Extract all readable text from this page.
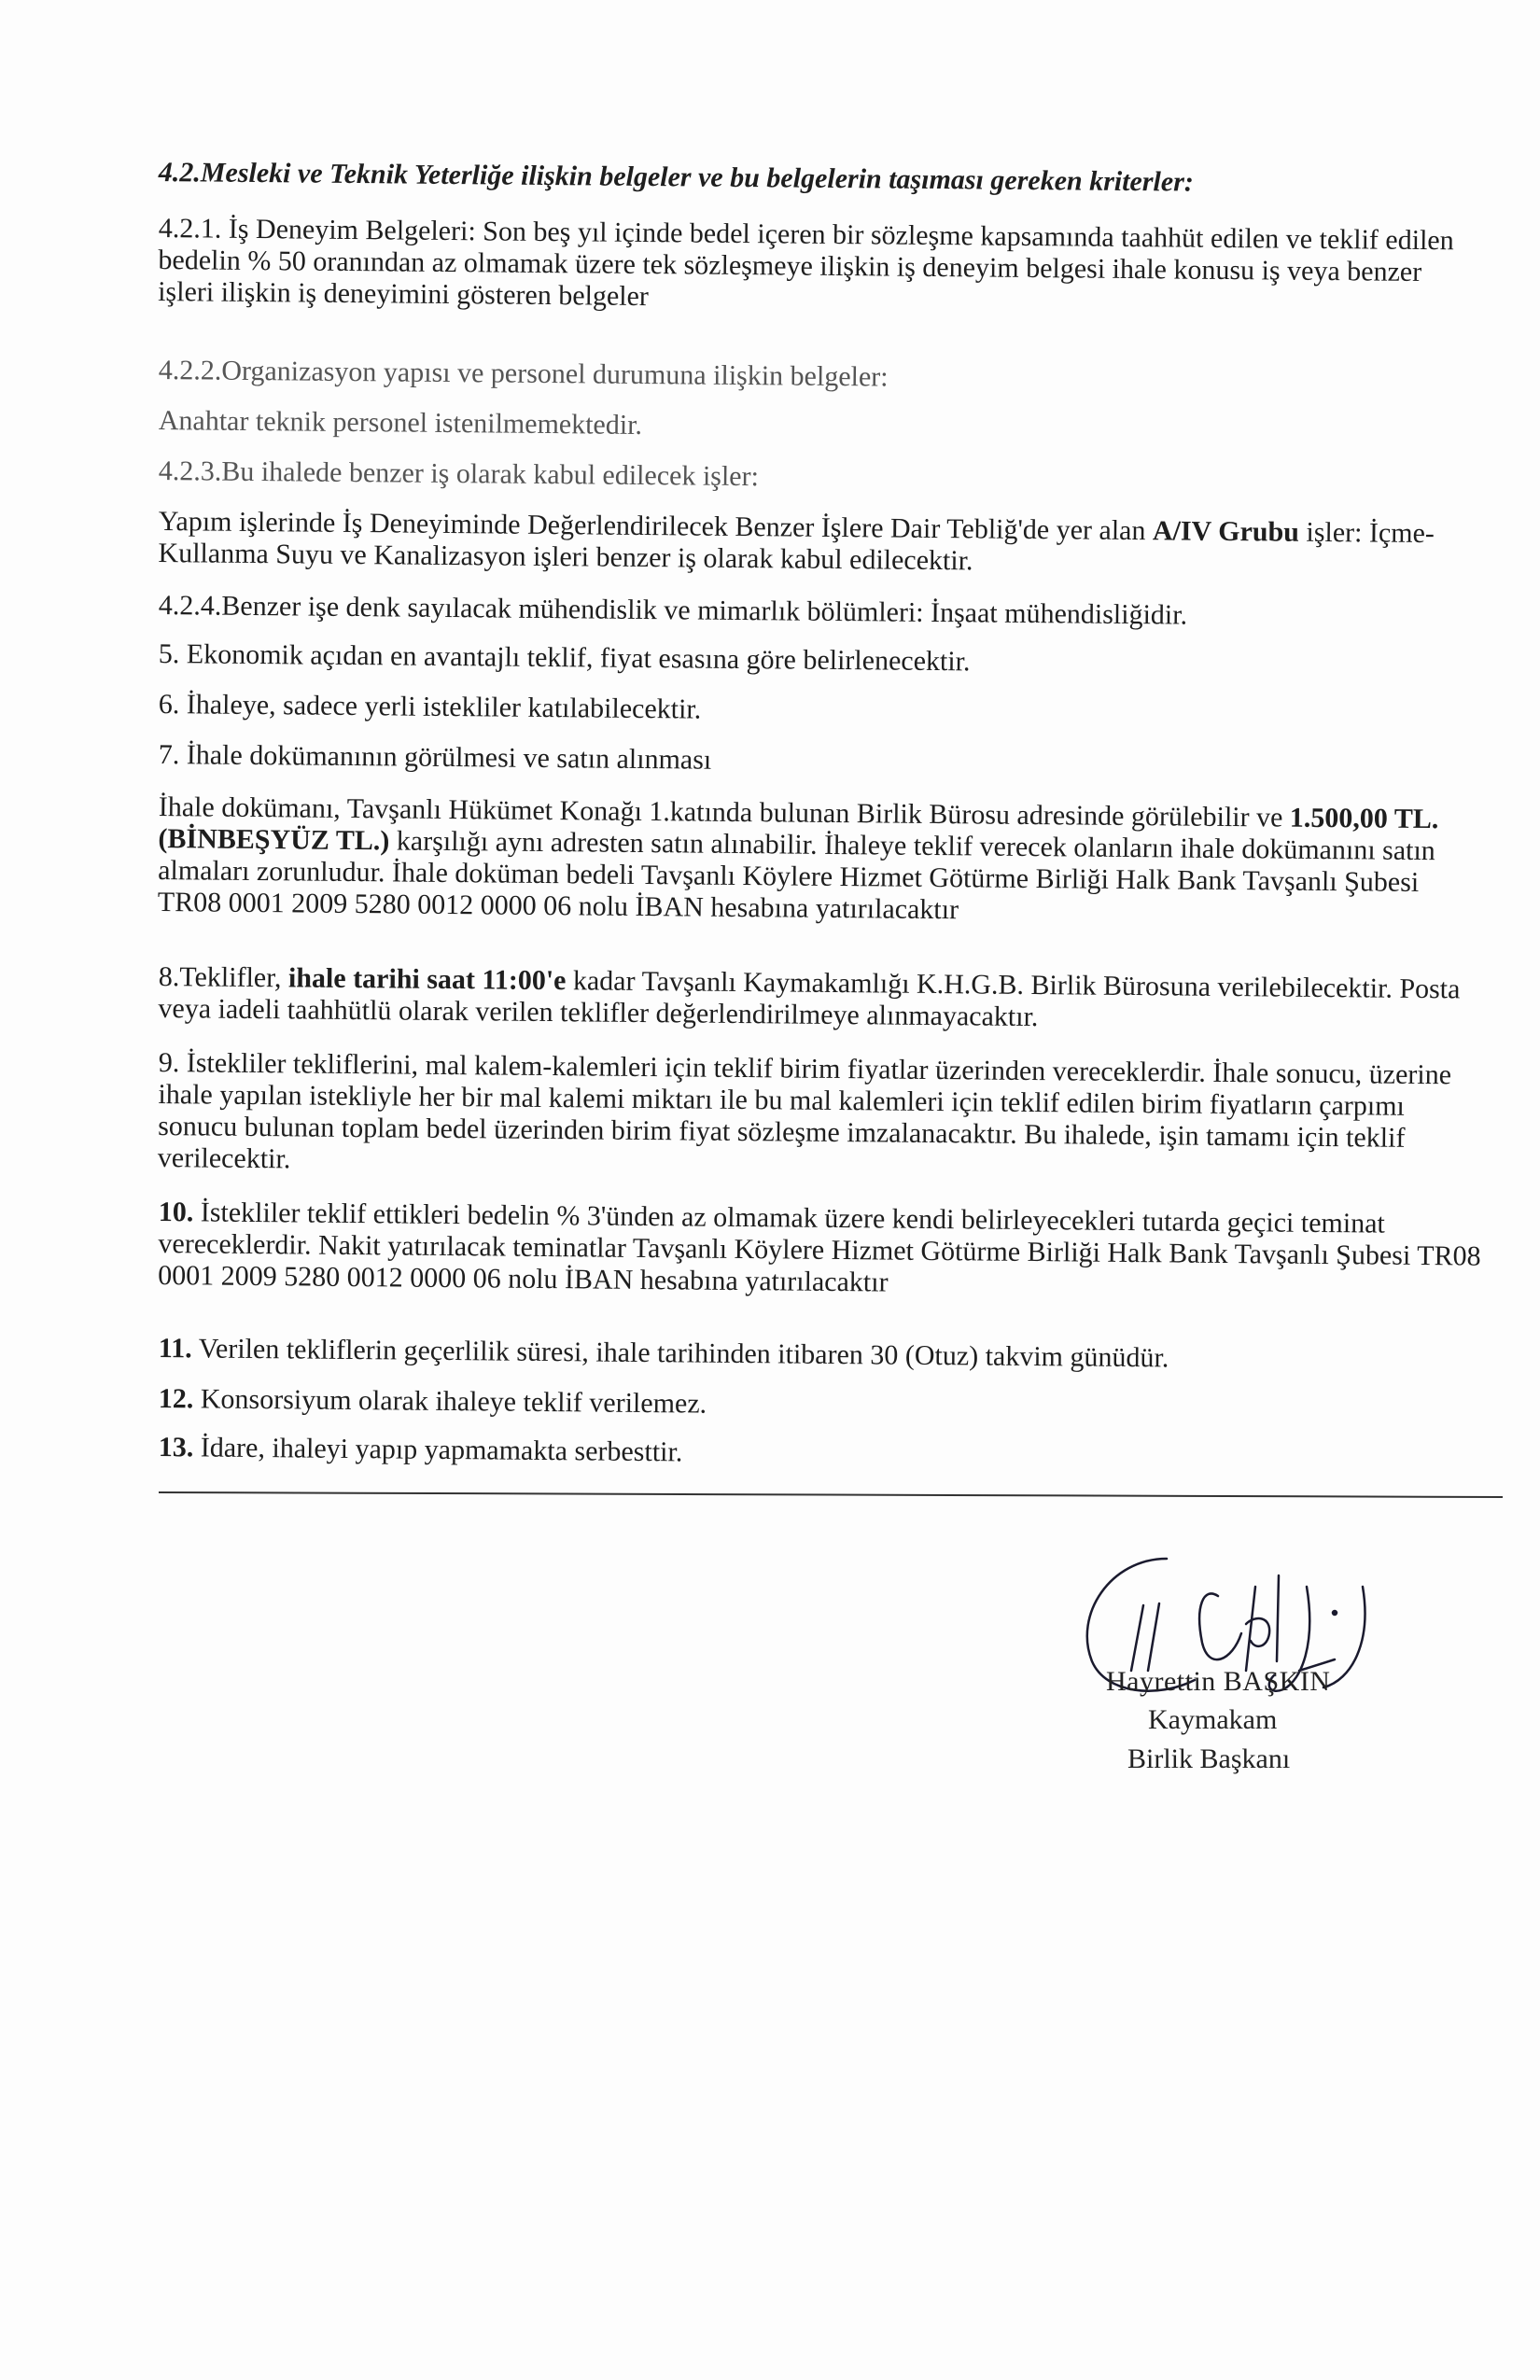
4.2.Mesleki ve Teknik Yeterliğe ilişkin belgeler ve bu belgelerin taşıması gereken kriterler:
4.2.1. İş Deneyim Belgeleri: Son beş yıl içinde bedel içeren bir sözleşme kapsamında taahhüt edilen ve teklif edilen bedelin % 50 oranından az olmamak üzere tek sözleşmeye ilişkin iş deneyim belgesi ihale konusu iş veya benzer işleri ilişkin iş deneyimini gösteren belgeler
4.2.2.Organizasyon yapısı ve personel durumuna ilişkin belgeler:
Anahtar teknik personel istenilmemektedir.
4.2.3.Bu ihalede benzer iş olarak kabul edilecek işler:
Yapım işlerinde İş Deneyiminde Değerlendirilecek Benzer İşlere Dair Tebliğ'de yer alan A/IV Grubu işler: İçme-Kullanma Suyu ve Kanalizasyon işleri benzer iş olarak kabul edilecektir.
4.2.4.Benzer işe denk sayılacak mühendislik ve mimarlık bölümleri: İnşaat mühendisliğidir.
5. Ekonomik açıdan en avantajlı teklif, fiyat esasına göre belirlenecektir.
6. İhaleye, sadece yerli istekliler katılabilecektir.
7. İhale dokümanının görülmesi ve satın alınması
İhale dokümanı, Tavşanlı Hükümet Konağı 1.katında bulunan Birlik Bürosu adresinde görülebilir ve 1.500,00 TL. (BİNBEŞYÜZ TL.) karşılığı aynı adresten satın alınabilir. İhaleye teklif verecek olanların ihale dokümanını satın almaları zorunludur. İhale doküman bedeli Tavşanlı Köylere Hizmet Götürme Birliği Halk Bank Tavşanlı Şubesi TR08 0001 2009 5280 0012 0000 06 nolu İBAN hesabına yatırılacaktır
8.Teklifler, ihale tarihi saat 11:00'e kadar Tavşanlı Kaymakamlığı K.H.G.B. Birlik Bürosuna verilebilecektir. Posta veya iadeli taahhütlü olarak verilen teklifler değerlendirilmeye alınmayacaktır.
9. İstekliler tekliflerini, mal kalem-kalemleri için teklif birim fiyatlar üzerinden vereceklerdir. İhale sonucu, üzerine ihale yapılan istekliyle her bir mal kalemi miktarı ile bu mal kalemleri için teklif edilen birim fiyatların çarpımı sonucu bulunan toplam bedel üzerinden birim fiyat sözleşme imzalanacaktır. Bu ihalede, işin tamamı için teklif verilecektir.
10. İstekliler teklif ettikleri bedelin % 3'ünden az olmamak üzere kendi belirleyecekleri tutarda geçici teminat vereceklerdir. Nakit yatırılacak teminatlar Tavşanlı Köylere Hizmet Götürme Birliği Halk Bank Tavşanlı Şubesi TR08 0001 2009 5280 0012 0000 06 nolu İBAN hesabına yatırılacaktır
11. Verilen tekliflerin geçerlilik süresi, ihale tarihinden itibaren 30 (Otuz) takvim günüdür.
12. Konsorsiyum olarak ihaleye teklif verilemez.
13. İdare, ihaleyi yapıp yapmamakta serbesttir.
Hayrettin BAŞKIN
Kaymakam
Birlik Başkanı
